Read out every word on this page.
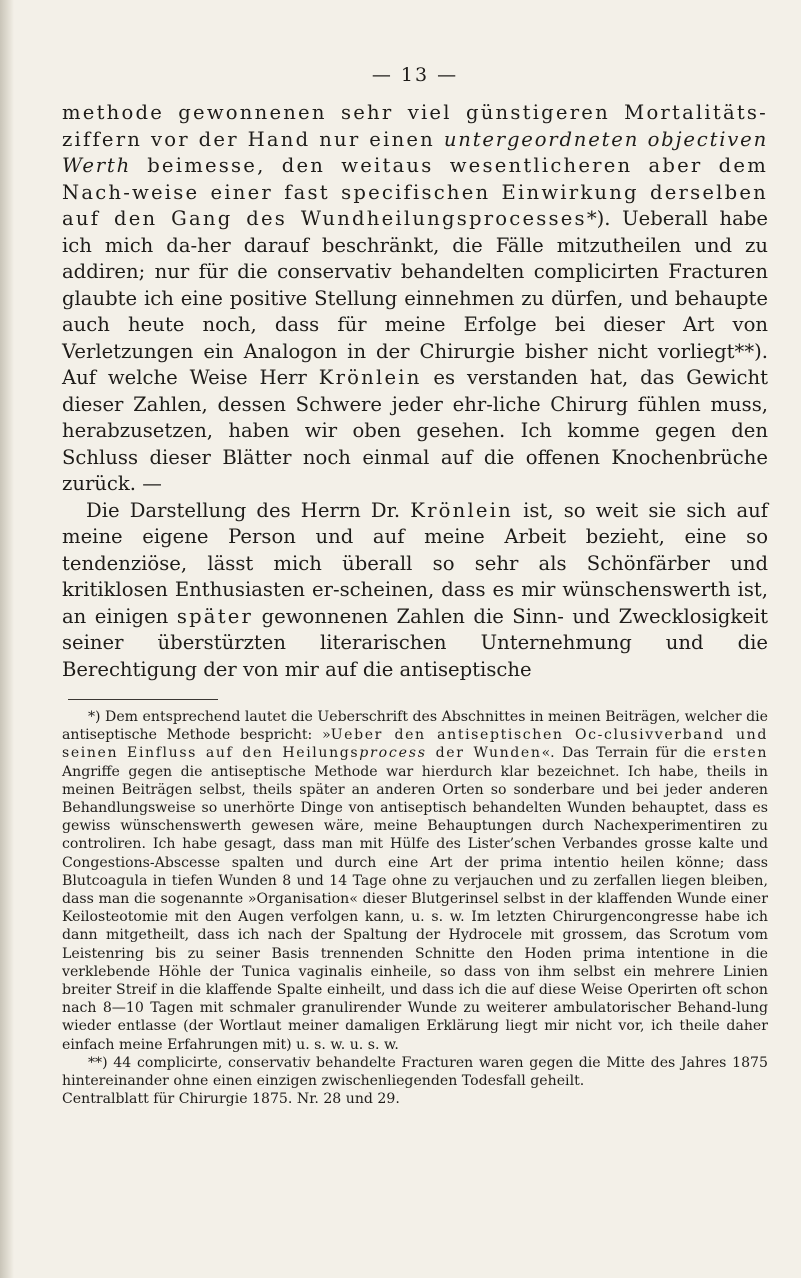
— 13 —

methode gewonnenen sehr viel günstigeren Mortalitäts-ziffern vor der Hand nur einen untergeordneten objectiven Werth beimesse, den weitaus wesentlicheren aber dem Nach-weise einer fast specifischen Einwirkung derselben auf den Gang des Wundheilungsprocesses*). Ueberall habe ich mich da-her darauf beschränkt, die Fälle mitzutheilen und zu addiren; nur für die conservativ behandelten complicirten Fracturen glaubte ich eine positive Stellung einnehmen zu dürfen, und behaupte auch heute noch, dass für meine Erfolge bei dieser Art von Verletzungen ein Analogon in der Chirurgie bisher nicht vorliegt**). Auf welche Weise Herr Krönlein es verstanden hat, das Gewicht dieser Zahlen, dessen Schwere jeder ehr-liche Chirurg fühlen muss, herabzusetzen, haben wir oben gesehen. Ich komme gegen den Schluss dieser Blätter noch einmal auf die offenen Knochenbrüche zurück. —

Die Darstellung des Herrn Dr. Krönlein ist, so weit sie sich auf meine eigene Person und auf meine Arbeit bezieht, eine so tendenziöse, lässt mich überall so sehr als Schönfärber und kritiklosen Enthusiasten er-scheinen, dass es mir wünschenswerth ist, an einigen später gewonnenen Zahlen die Sinn- und Zwecklosigkeit seiner überstürzten literarischen Unternehmung und die Berechtigung der von mir auf die antiseptische

*) Dem entsprechend lautet die Ueberschrift des Abschnittes in meinen Beiträgen, welcher die antiseptische Methode bespricht: »Ueber den antiseptischen Oc-clusivverband und seinen Einfluss auf den Heilungsprocess der Wunden«. Das Terrain für die ersten Angriffe gegen die antiseptische Methode war hierdurch klar bezeichnet. Ich habe, theils in meinen Beiträgen selbst, theils später an anderen Orten so sonderbare und bei jeder anderen Behandlungsweise so unerhörte Dinge von antiseptisch behandelten Wunden behauptet, dass es gewiss wünschenswerth gewesen wäre, meine Behauptungen durch Nachexperimentiren zu controliren. Ich habe gesagt, dass man mit Hülfe des Lister’schen Verbandes grosse kalte und Congestions-Abscesse spalten und durch eine Art der prima intentio heilen könne; dass Blutcoagula in tiefen Wunden 8 und 14 Tage ohne zu verjauchen und zu zerfallen liegen bleiben, dass man die sogenannte »Organisation« dieser Blutgerinsel selbst in der klaffenden Wunde einer Keilosteotomie mit den Augen verfolgen kann, u. s. w. Im letzten Chirurgencongresse habe ich dann mitgetheilt, dass ich nach der Spaltung der Hydrocele mit grossem, das Scrotum vom Leistenring bis zu seiner Basis trennenden Schnitte den Hoden prima intentione in die verklebende Höhle der Tunica vaginalis einheile, so dass von ihm selbst ein mehrere Linien breiter Streif in die klaffende Spalte einheilt, und dass ich die auf diese Weise Operirten oft schon nach 8—10 Tagen mit schmaler granulirender Wunde zu weiterer ambulatorischer Behand-lung wieder entlasse (der Wortlaut meiner damaligen Erklärung liegt mir nicht vor, ich theile daher einfach meine Erfahrungen mit) u. s. w. u. s. w.

**) 44 complicirte, conservativ behandelte Fracturen waren gegen die Mitte des Jahres 1875 hintereinander ohne einen einzigen zwischenliegenden Todesfall geheilt.

Centralblatt für Chirurgie 1875. Nr. 28 und 29.
